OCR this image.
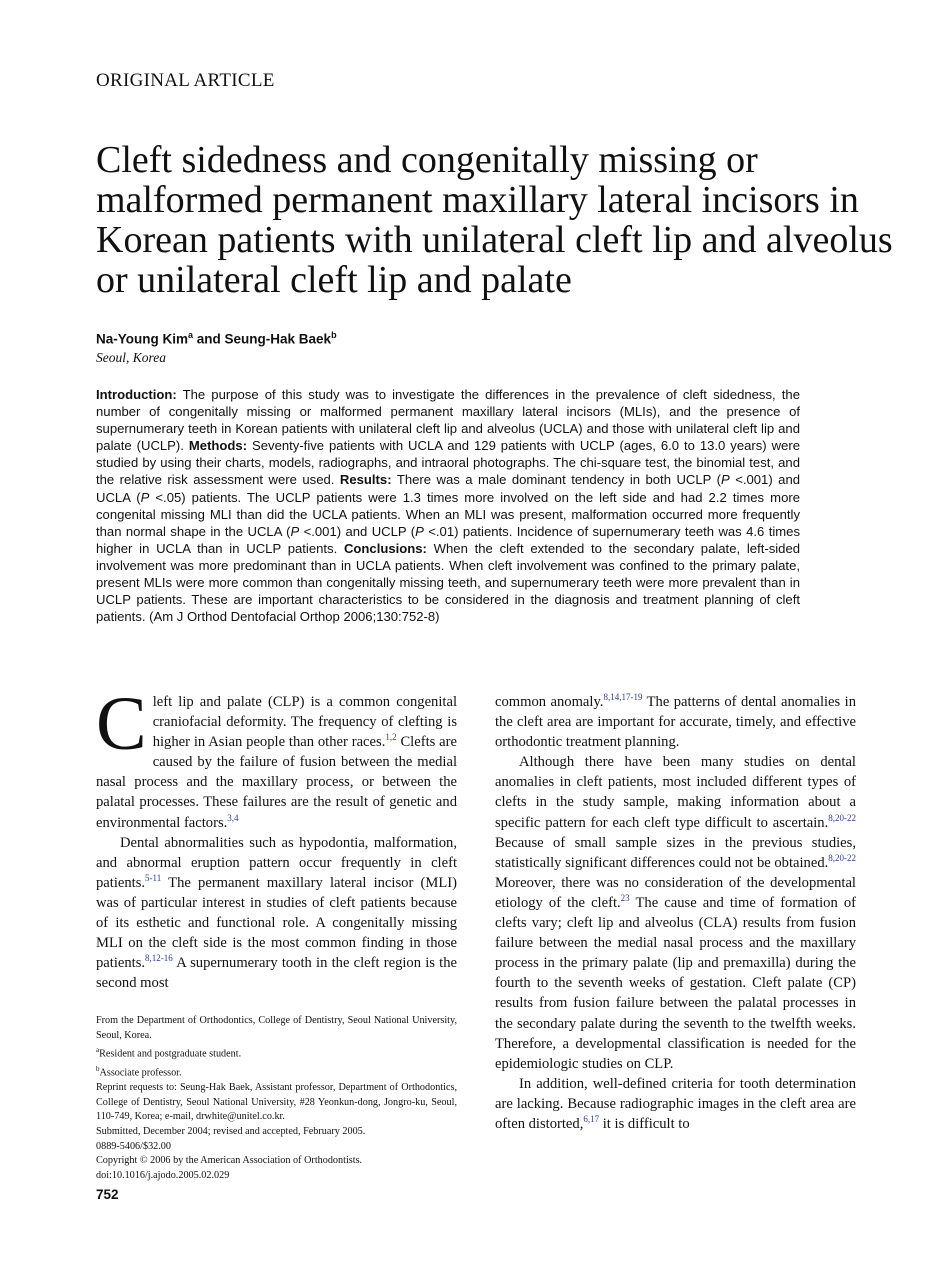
ORIGINAL ARTICLE
Cleft sidedness and congenitally missing or malformed permanent maxillary lateral incisors in Korean patients with unilateral cleft lip and alveolus or unilateral cleft lip and palate
Na-Young Kim$^a$ and Seung-Hak Baek$^b$
Seoul, Korea

Introduction: The purpose of this study was to investigate the differences in the prevalence of cleft sidedness, the number of congenitally missing or malformed permanent maxillary lateral incisors (MLIs), and the presence of supernumerary teeth in Korean patients with unilateral cleft lip and alveolus (UCLA) and those with unilateral cleft lip and palate (UCLP). Methods: Seventy-five patients with UCLA and 129 patients with UCLP (ages, 6.0 to 13.0 years) were studied by using their charts, models, radiographs, and intraoral photographs. The chi-square test, the binomial test, and the relative risk assessment were used. Results: There was a male dominant tendency in both UCLP (P <.001) and UCLA (P <.05) patients. The UCLP patients were 1.3 times more involved on the left side and had 2.2 times more congenital missing MLI than did the UCLA patients. When an MLI was present, malformation occurred more frequently than normal shape in the UCLA (P <.001) and UCLP (P <.01) patients. Incidence of supernumerary teeth was 4.6 times higher in UCLA than in UCLP patients. Conclusions: When the cleft extended to the secondary palate, left-sided involvement was more predominant than in UCLA patients. When cleft involvement was confined to the primary palate, present MLIs were more common than congenitally missing teeth, and supernumerary teeth were more prevalent than in UCLP patients. These are important characteristics to be considered in the diagnosis and treatment planning of cleft patients. (Am J Orthod Dentofacial Orthop 2006;130:752-8)

Cleft lip and palate (CLP) is a common congenital craniofacial deformity. The frequency of clefting is higher in Asian people than other races.$^{1,2}$ Clefts are caused by the failure of fusion between the medial nasal process and the maxillary process, or between the palatal processes. These failures are the result of genetic and environmental factors.$^{3,4}$

Dental abnormalities such as hypodontia, malformation, and abnormal eruption pattern occur frequently in cleft patients.$^{5-11}$ The permanent maxillary lateral incisor (MLI) was of particular interest in studies of cleft patients because of its esthetic and functional role. A congenitally missing MLI on the cleft side is the most common finding in those patients.$^{8,12-16}$ A supernumerary tooth in the cleft region is the second most

From the Department of Orthodontics, College of Dentistry, Seoul National University, Seoul, Korea.
$^a$Resident and postgraduate student.
$^b$Associate professor.
Reprint requests to: Seung-Hak Baek, Assistant professor, Department of Orthodontics, College of Dentistry, Seoul National University, #28 Yeonkun-dong, Jongro-ku, Seoul, 110-749, Korea; e-mail, drwhite@unitel.co.kr.
Submitted, December 2004; revised and accepted, February 2005.
0889-5406/$32.00
Copyright © 2006 by the American Association of Orthodontists.
doi:10.1016/j.ajodo.2005.02.029
752

common anomaly.$^{8,14,17-19}$ The patterns of dental anomalies in the cleft area are important for accurate, timely, and effective orthodontic treatment planning.

Although there have been many studies on dental anomalies in cleft patients, most included different types of clefts in the study sample, making information about a specific pattern for each cleft type difficult to ascertain.$^{8,20-22}$ Because of small sample sizes in the previous studies, statistically significant differences could not be obtained.$^{8,20-22}$ Moreover, there was no consideration of the developmental etiology of the cleft.$^{23}$ The cause and time of formation of clefts vary; cleft lip and alveolus (CLA) results from fusion failure between the medial nasal process and the maxillary process in the primary palate (lip and premaxilla) during the fourth to the seventh weeks of gestation. Cleft palate (CP) results from fusion failure between the palatal processes in the secondary palate during the seventh to the twelfth weeks. Therefore, a developmental classification is needed for the epidemiologic studies on CLP.

In addition, well-defined criteria for tooth determination are lacking. Because radiographic images in the cleft area are often distorted,$^{6,17}$ it is difficult to
